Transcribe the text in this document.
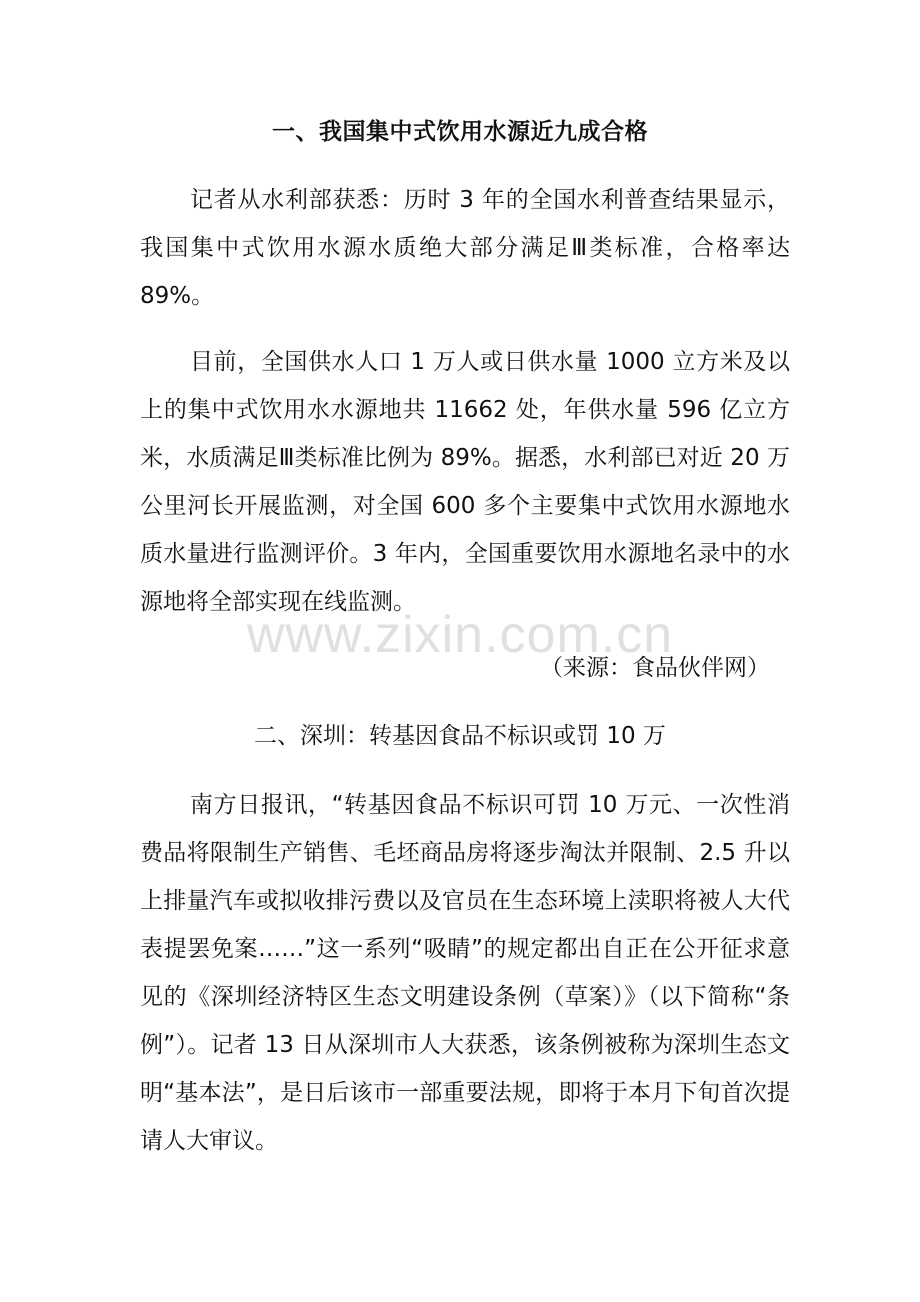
一、我国集中式饮用水源近九成合格

记者从水利部获悉：历时 3 年的全国水利普查结果显示，我国集中式饮用水源水质绝大部分满足Ⅲ类标准，合格率达 89%。

目前，全国供水人口 1 万人或日供水量 1000 立方米及以上的集中式饮用水水源地共 11662 处，年供水量 596 亿立方米，水质满足Ⅲ类标准比例为 89%。据悉，水利部已对近 20 万公里河长开展监测，对全国 600 多个主要集中式饮用水源地水质水量进行监测评价。3 年内，全国重要饮用水源地名录中的水源地将全部实现在线监测。

www.zixin.com.cn
（来源：食品伙伴网）
二、深圳：转基因食品不标识或罚 10 万

南方日报讯，“转基因食品不标识可罚 10 万元、一次性消费品将限制生产销售、毛坯商品房将逐步淘汰并限制、2.5 升以上排量汽车或拟收排污费以及官员在生态环境上渎职将被人大代表提罢免案……”这一系列“吸睛”的规定都出自正在公开征求意见的《深圳经济特区生态文明建设条例（草案）》（以下简称“条例”）。记者 13 日从深圳市人大获悉，该条例被称为深圳生态文明“基本法”，是日后该市一部重要法规，即将于本月下旬首次提请人大审议。
